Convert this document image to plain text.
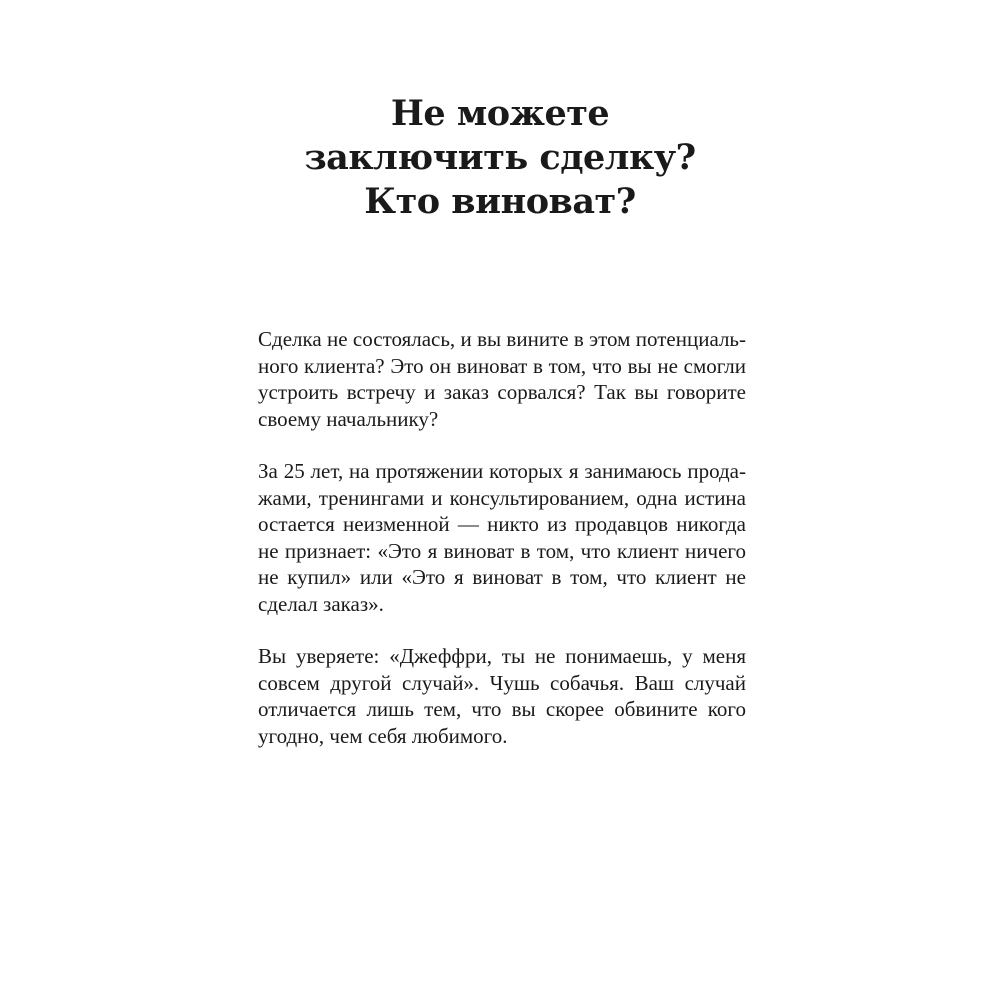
Не можете
заключить сделку?
Кто виноват?

Сделка не состоялась, и вы вините в этом потенциаль-
ного клиента? Это он виноват в том, что вы не смогли
устроить встречу и заказ сорвался? Так вы говорите
своему начальнику?

За 25 лет, на протяжении которых я занимаюсь прода-
жами, тренингами и консультированием, одна истина
остается неизменной — никто из продавцов никогда
не признает: «Это я виноват в том, что клиент ничего
не купил» или «Это я виноват в том, что клиент не
сделал заказ».

Вы уверяете: «Джеффри, ты не понимаешь, у меня
совсем другой случай». Чушь собачья. Ваш случай
отличается лишь тем, что вы скорее обвините кого
угодно, чем себя любимого.
